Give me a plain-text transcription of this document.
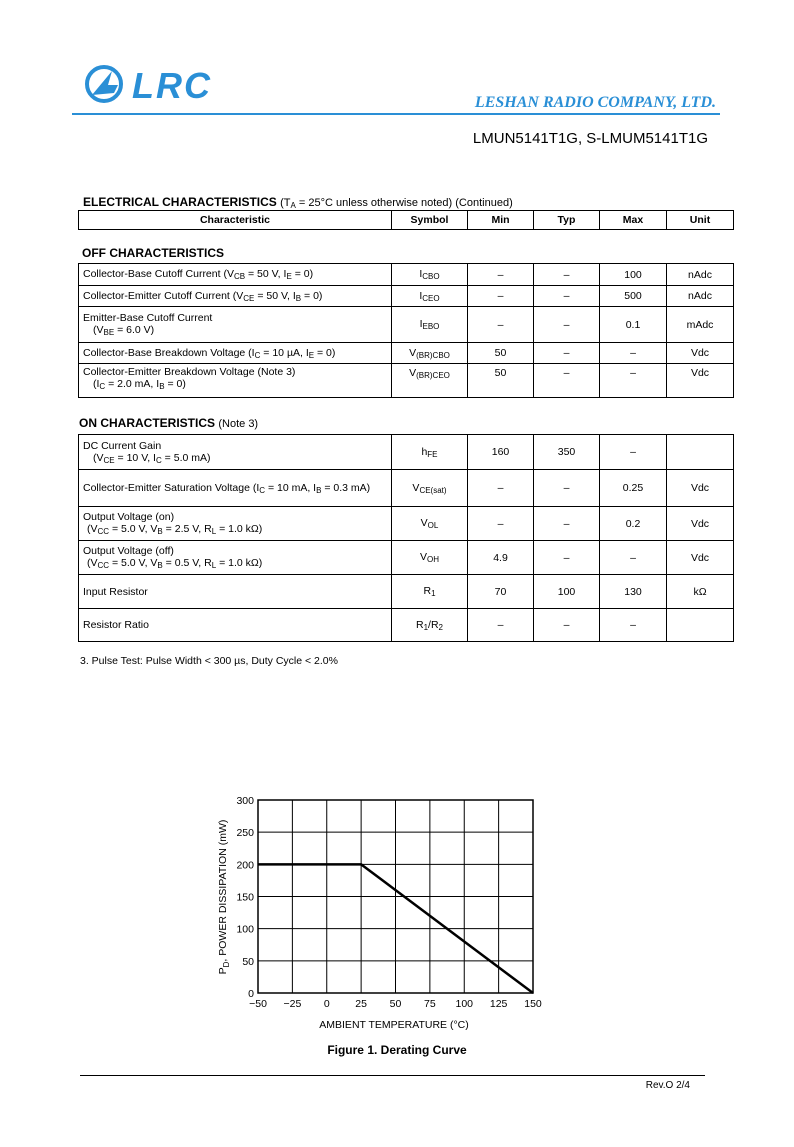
LRC	LESHAN RADIO COMPANY, LTD.
LMUN5141T1G, S-LMUM5141T1G
ELECTRICAL CHARACTERISTICS ($T_A = 25^\circ C$ unless otherwise noted) (Continued)
Characteristic	Symbol	Min	Typ	Max	Unit
OFF CHARACTERISTICS
Collector-Base Cutoff Current ($V_{CB} = 50$ V, $I_E = 0$)	$I_{CBO}$	–	–	100	nAdc
Collector-Emitter Cutoff Current ($V_{CE} = 50$ V, $I_B = 0$)	$I_{CEO}$	–	–	500	nAdc

Emitter-Base Cutoff Current
($V_{BE} = 6.0$ V)	$I_{EBO}$	–	–	0.1	mAdc
Collector-Base Breakdown Voltage ($I_C = 10$ µA, $I_E = 0$)	$V_{(BR)CBO}$	50	–	–	Vdc

Collector-Emitter Breakdown Voltage (Note 3)
($I_C = 2.0$ mA, $I_B = 0$)	$V_{(BR)CEO}$	50	–	–	Vdc
ON CHARACTERISTICS (Note 3)
DC Current Gain
($V_{CE} = 10$ V, $I_C = 5.0$ mA)	$h_{FE}$	160	350	–	
Collector-Emitter Saturation Voltage ($I_C = 10$ mA, $I_B = 0.3$ mA)	$V_{CE(sat)}$	–	–	0.25	Vdc

Output Voltage (on)
($V_{CC} = 5.0$ V, $V_B = 2.5$ V, $R_L = 1.0$ kΩ)	$V_{OL}$	–	–	0.2	Vdc

Output Voltage (off)
($V_{CC} = 5.0$ V, $V_B = 0.5$ V, $R_L = 1.0$ kΩ)	$V_{OH}$	4.9	–	–	Vdc
Input Resistor	$R_1$	70	100	130	kΩ
Resistor Ratio	$R_1/R_2$	–	–	–	
3. Pulse Test: Pulse Width < 300 µs, Duty Cycle < 2.0%
−50 −25 0 25 50 75 100 125 150
0
50
100
150
200
250
300
AMBIENT TEMPERATURE (°C)
$P_D$, POWER DISSIPATION (mW)
Figure 1. Derating Curve
Rev.O 2/4
